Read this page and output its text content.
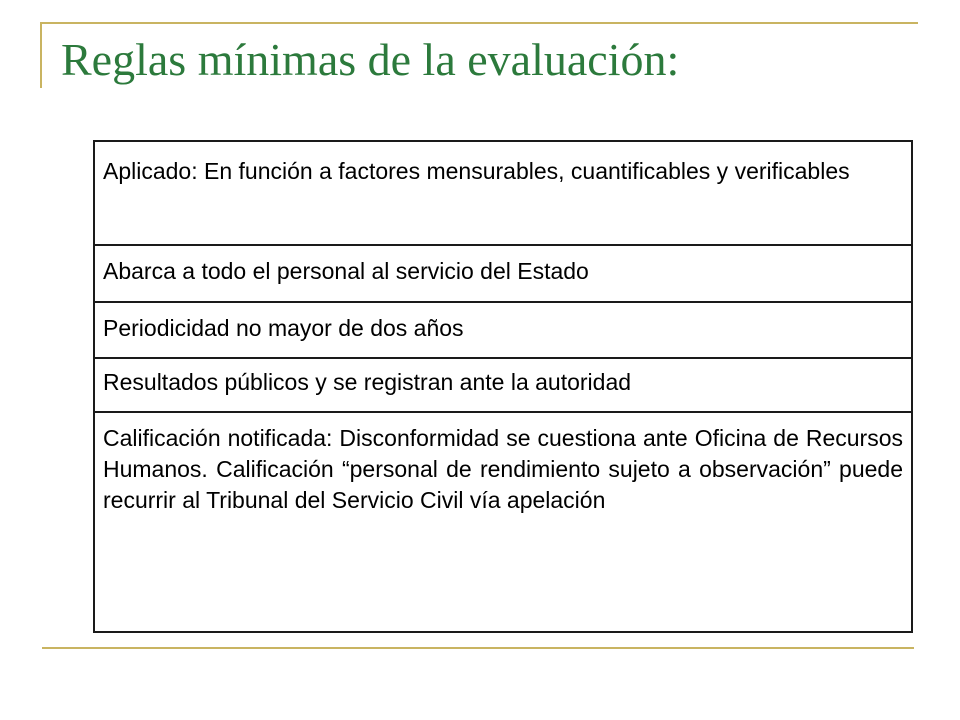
Reglas mínimas de la evaluación:
Aplicado: En función a factores mensurables, cuantificables y verificables
Abarca a todo el personal al servicio del Estado
Periodicidad no mayor de dos años
Resultados públicos y se registran ante la autoridad
Calificación notificada: Disconformidad se cuestiona ante Oficina de Recursos Humanos. Calificación “personal de rendimiento sujeto a observación” puede recurrir al Tribunal del Servicio Civil vía apelación
